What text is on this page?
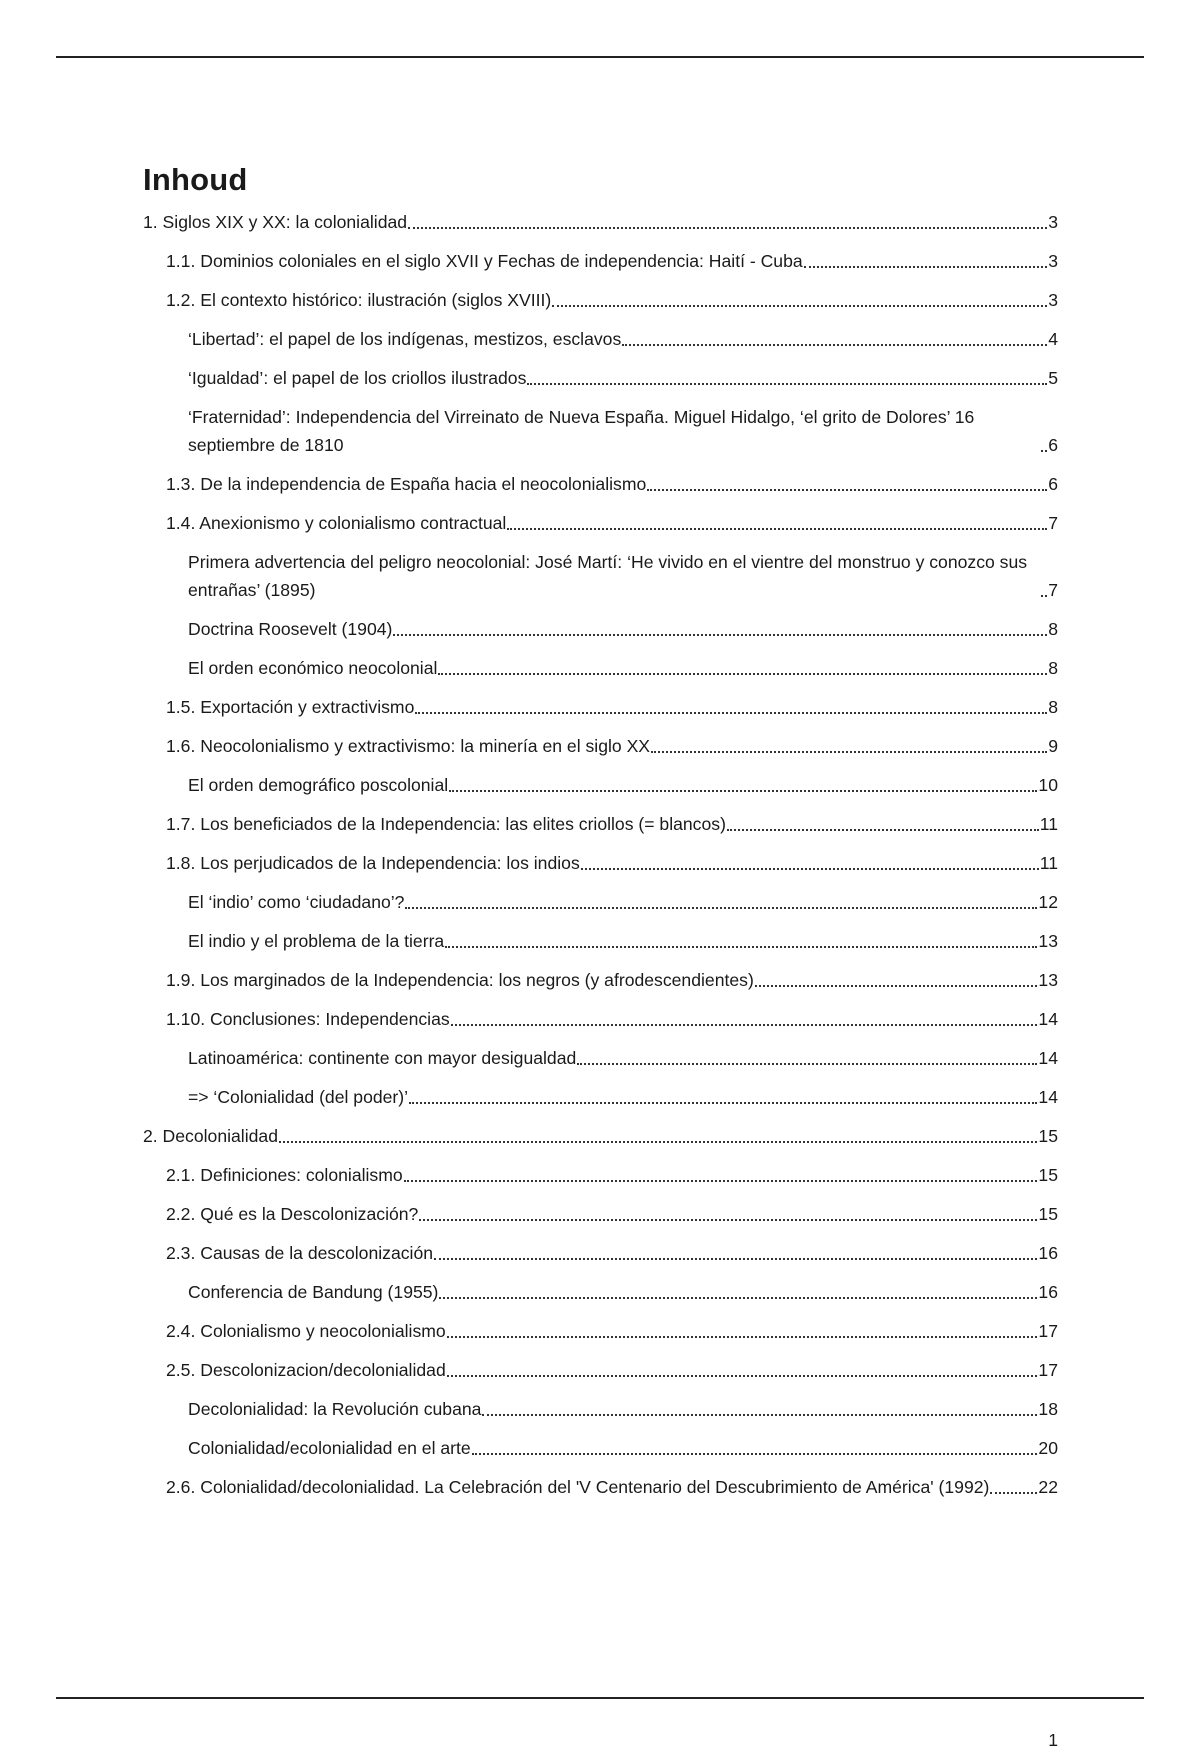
Inhoud
1. Siglos XIX y XX: la colonialidad	3
1.1. Dominios coloniales en el siglo XVII y Fechas de independencia: Haití - Cuba	3
1.2. El contexto histórico: ilustración (siglos XVIII)	3
‘Libertad’: el papel de los indígenas, mestizos, esclavos	4
‘Igualdad’: el papel de los criollos ilustrados	5
‘Fraternidad’: Independencia del Virreinato de Nueva España. Miguel Hidalgo, ‘el grito de Dolores’ 16 septiembre de 1810	6
1.3. De la independencia de España hacia el neocolonialismo	6
1.4. Anexionismo y colonialismo contractual	7
Primera advertencia del peligro neocolonial: José Martí: ‘He vivido en el vientre del monstruo y conozco sus entrañas’ (1895)	7
Doctrina Roosevelt (1904)	8
El orden económico neocolonial	8
1.5. Exportación y extractivismo	8
1.6. Neocolonialismo y extractivismo: la minería en el siglo XX	9
El orden demográfico poscolonial	10
1.7. Los beneficiados de la Independencia: las elites criollos (= blancos)	11
1.8. Los perjudicados de la Independencia: los indios	11
El ‘indio’ como ‘ciudadano’?	12
El indio y el problema de la tierra	13
1.9. Los marginados de la Independencia: los negros (y afrodescendientes)	13
1.10. Conclusiones: Independencias	14
Latinoamérica: continente con mayor desigualdad	14
=> ‘Colonialidad (del poder)’	14
2. Decolonialidad	15
2.1. Definiciones: colonialismo	15
2.2. Qué es la Descolonización?	15
2.3. Causas de la descolonización	16
Conferencia de Bandung (1955)	16
2.4. Colonialismo y neocolonialismo	17
2.5. Descolonizacion/decolonialidad	17
Decolonialidad: la Revolución cubana	18
Colonialidad/ecolonialidad en el arte	20
2.6. Colonialidad/decolonialidad. La Celebración del 'V Centenario del Descubrimiento de América' (1992)	22
1
